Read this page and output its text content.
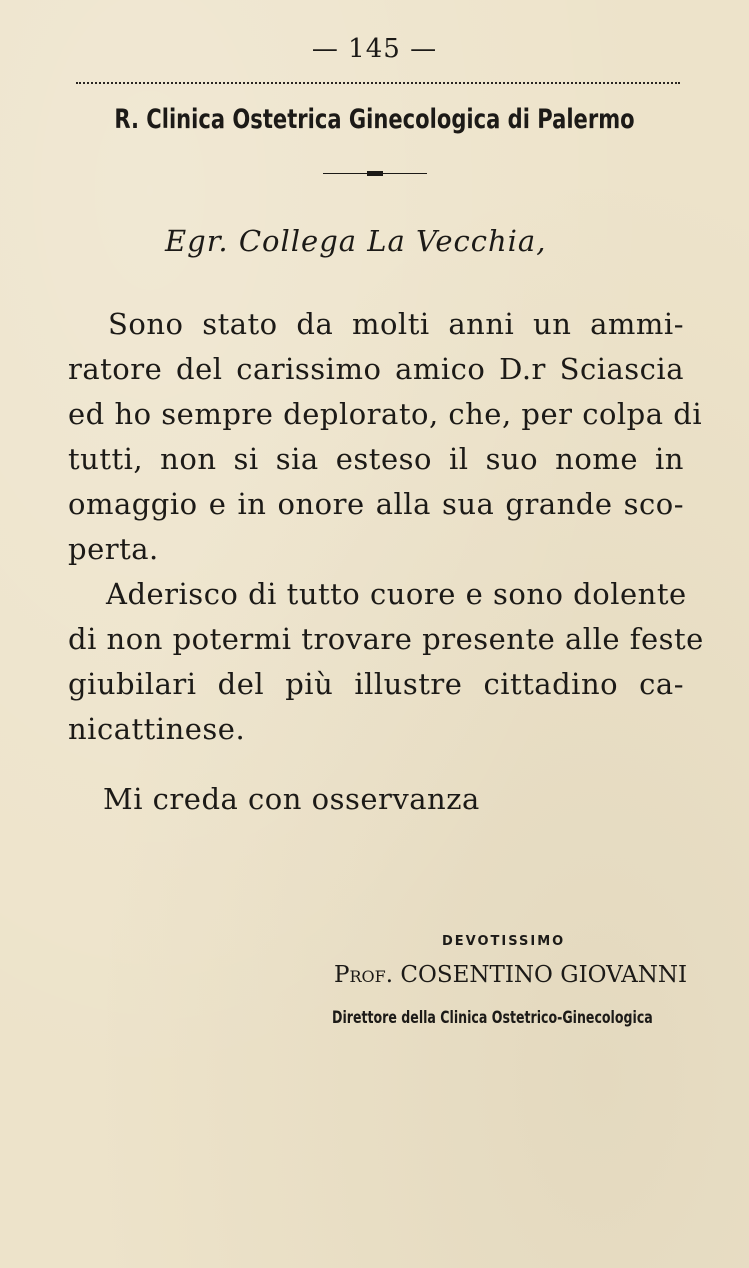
— 145 —
R. Clinica Ostetrica Ginecologica di Palermo
Egr. Collega La Vecchia,
Sono stato da molti anni un ammi-
ratore del carissimo amico D.r Sciascia
ed ho sempre deplorato, che, per colpa di
tutti, non si sia esteso il suo nome in
omaggio e in onore alla sua grande sco-
perta.
Aderisco di tutto cuore e sono dolente
di non potermi trovare presente alle feste
giubilari del più illustre cittadino ca-
nicattinese.
Mi creda con osservanza
DEVOTISSIMO
Prof. COSENTINO GIOVANNI
Direttore della Clinica Ostetrico-Ginecologica
